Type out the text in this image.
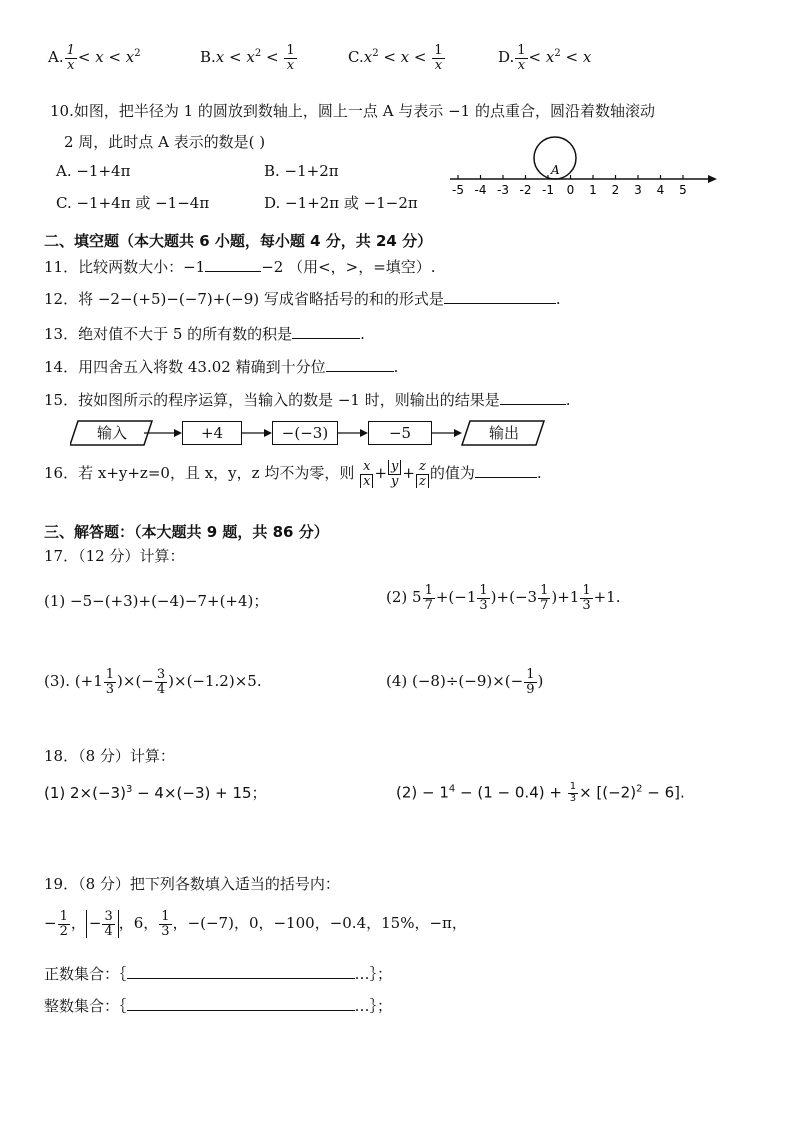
A. $\frac{1}{x} < x < x^2$	$B.x < x^2 < \frac{1}{x}$	$C.x^2 < x < \frac{1}{x}$	D. $\frac{1}{x} < x^2 < x$
10.如图，把半径为 1 的圆放到数轴上，圆上一点 A 与表示 −1 的点重合，圆沿着数轴滚动
2 周，此时点 A 表示的数是( )
A. −1+4π	B. −1+2π
C. −1+4π 或 −1−4π	D. −1+2π 或 −1−2π
A
-5 -4 -3 -2 -1 0 1 2 3 4 5
二、填空题（本大题共 6 小题，每小题 4 分，共 24 分）
11．比较两数大小：−1	−2 （用<，>，=填空）.
12．将 −2−(+5)−(−7)+(−9) 写成省略括号的和的形式是	.
13．绝对值不大于 5 的所有数的积是	.
14．用四舍五入将数 43.02 精确到十分位	.
15．按如图所示的程序运算，当输入的数是 −1 时，则输出的结果是	.
输入	+4	−(−3)	−5	输出
16．若 x+y+z=0，且 x，y，z 均不为零，则 $\frac{x}{x} + \frac{y}{y} + \frac{z}{z}$ 的值为	.
三、解答题：（本大题共 9 题，共 86 分）
17．（12 分）计算：
(1) −5−(+3)+(−4)−7+(+4)；	(2) $5 \frac{1}{7} +(-1 \frac{1}{3} )+(-3 \frac{1}{7} )+1 \frac{1}{3} +1$.
(3). ($+1 \frac{1}{3}$ )×(− $\frac{3}{4} )\times(-1.2)\times 5$.	(4) $(-8)\div(-9)\times(- \frac{1}{9}$ )
18．（8 分）计算：
(1) $2\times(-3)^3 - 4\times(-3) + 15$；	$(2) - 1^4 - (1 - 0.4) + \frac{1}{3} \times [(-2)^2 - 6]$.
19．（8 分）把下列各数填入适当的括号内：
− $\frac{1}{2}$ ， − $\frac{3}{4}$ ，6， $\frac{1}{3}$ ，−(−7)，0，−100，−0.4，15%，−π，
正数集合：｛	…｝；
整数集合：｛	…｝；
